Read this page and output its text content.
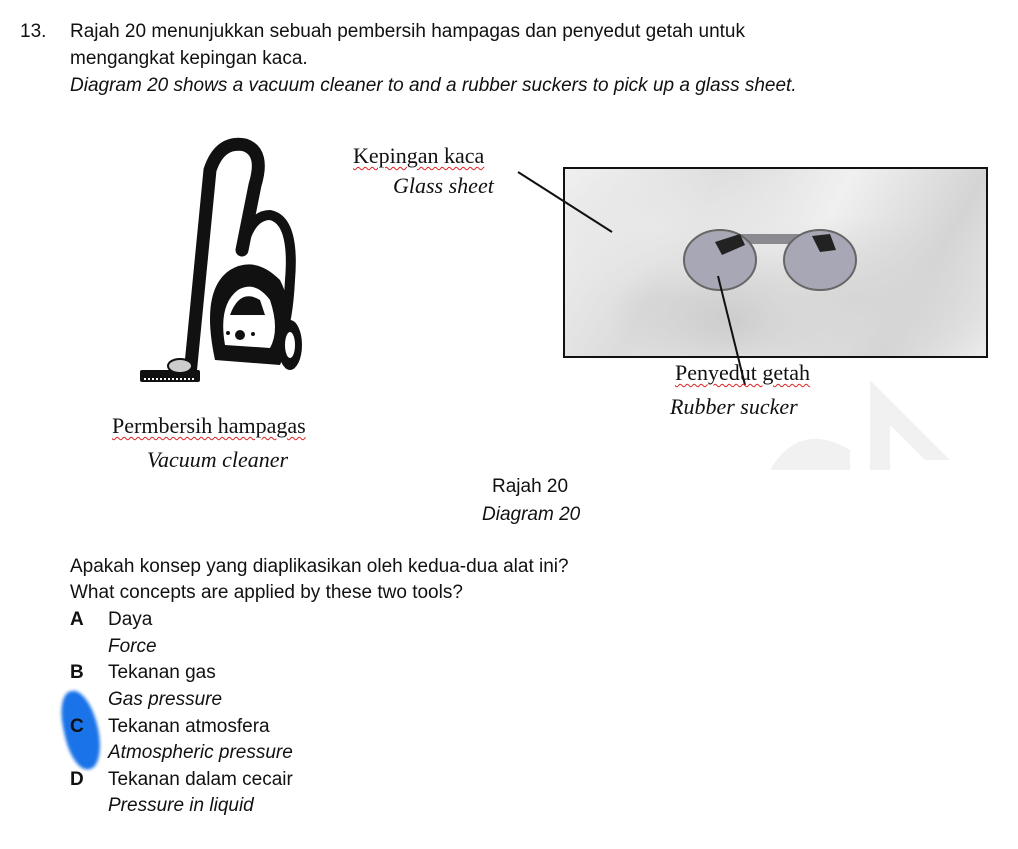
13. Rajah 20 menunjukkan sebuah pembersih hampagas dan penyedut getah untuk
mengangkat kepingan kaca.
Diagram 20 shows a vacuum cleaner to and a rubber suckers to pick up a glass sheet.
Kepingan kaca
Glass sheet
Penyedut getah
Rubber sucker
Permbersih hampagas
Vacuum cleaner
Rajah 20
Diagram 20
Apakah konsep yang diaplikasikan oleh kedua-dua alat ini?
What concepts are applied by these two tools?
A Daya
Force
B Tekanan gas
Gas pressure
C Tekanan atmosfera
Atmospheric pressure
D Tekanan dalam cecair
Pressure in liquid
